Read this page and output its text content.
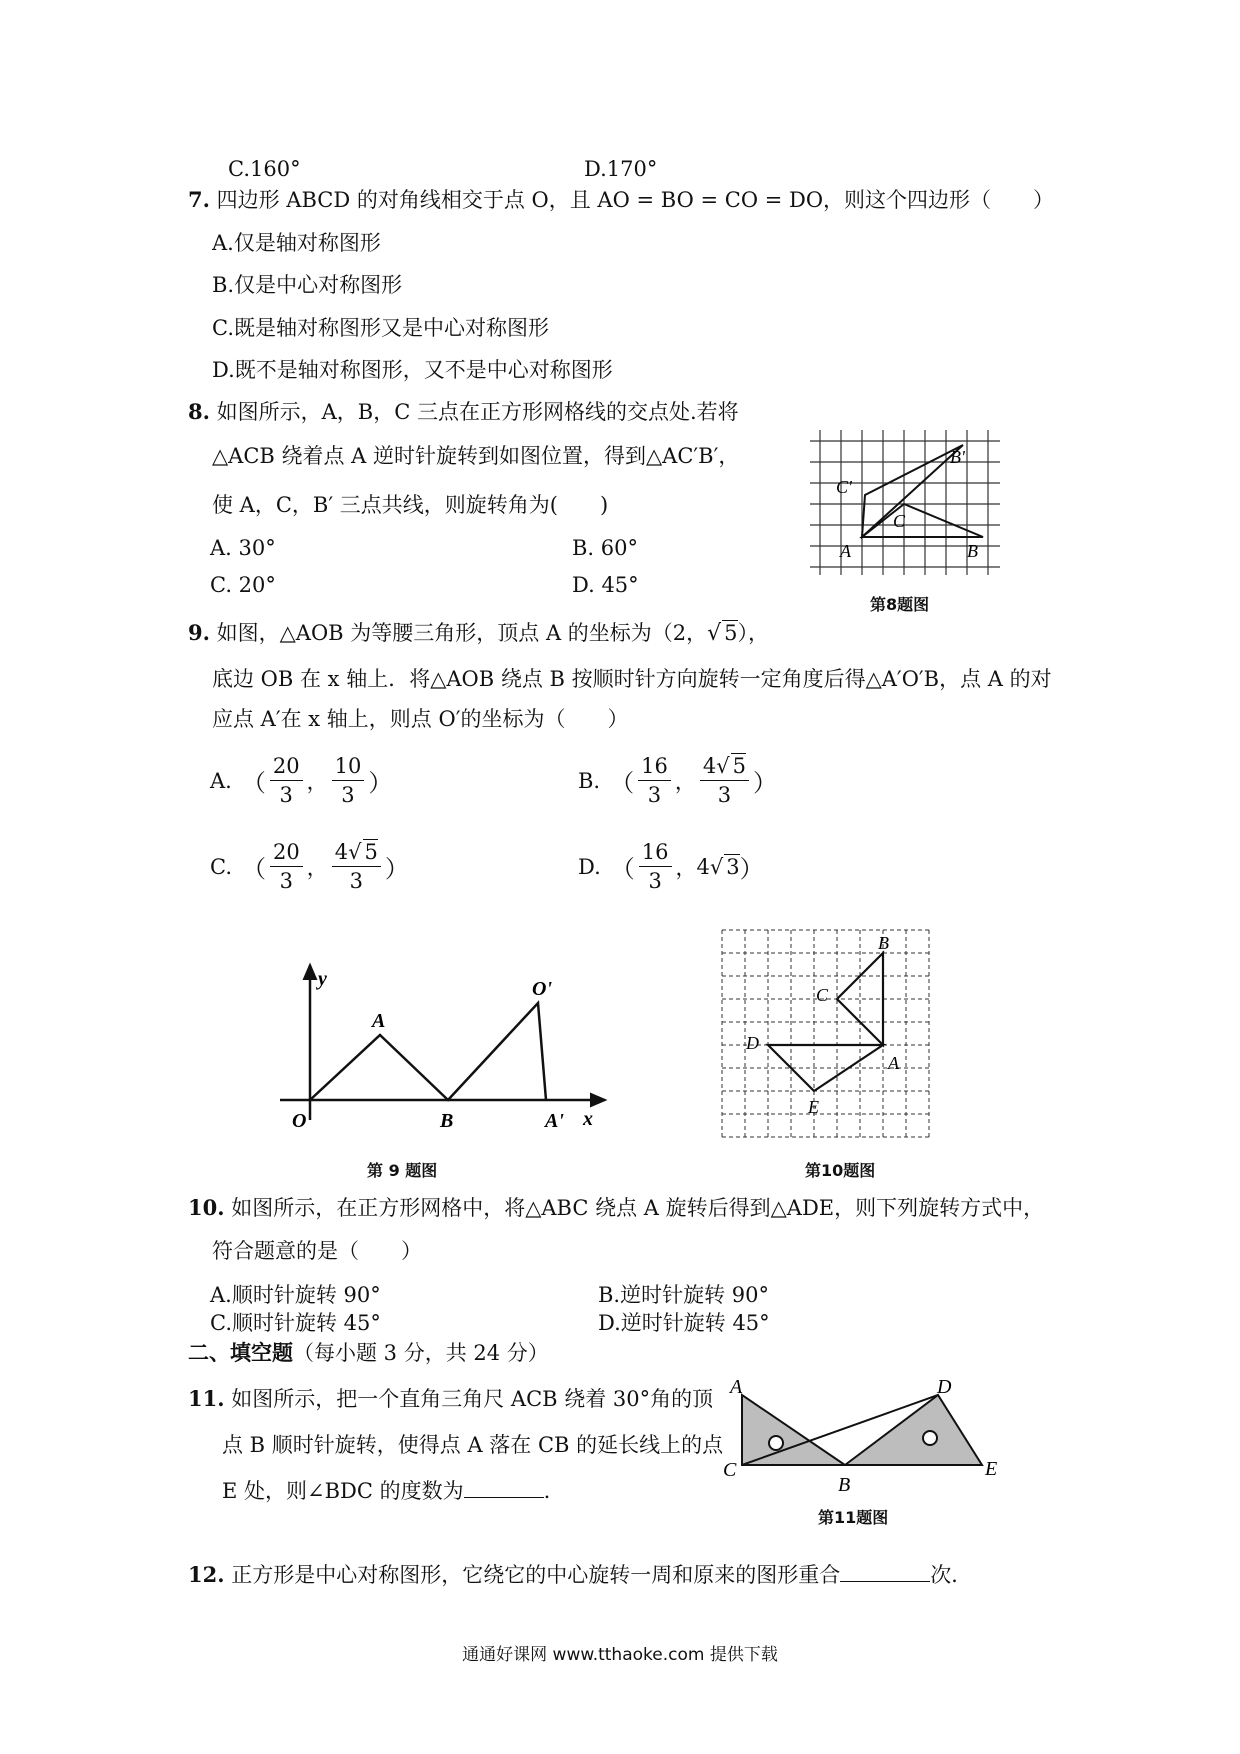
C.160°	D.170°
7. 四边形 ABCD 的对角线相交于点 O，且 AO = BO = CO = DO，则这个四边形（　　）
A.仅是轴对称图形
B.仅是中心对称图形
C.既是轴对称图形又是中心对称图形
D.既不是轴对称图形，又不是中心对称图形
8. 如图所示，A，B，C 三点在正方形网格线的交点处.若将
△ACB 绕着点 A 逆时针旋转到如图位置，得到△AC′B′，
使 A，C，B′ 三点共线，则旋转角为(　　)
A. 30°	B. 60°
C. 20°	D. 45°
A	B
C
C'
B'
第8题图
9. 如图，△AOB 为等腰三角形，顶点 A 的坐标为（2，√ 5），
底边 OB 在 x 轴上．将△AOB 绕点 B 按顺时针方向旋转一定角度后得△A′O′B，点 A 的对
应点 A′在 x 轴上，则点 O′的坐标为（　　）
A. （ $\frac{20}{3}$ ， $\frac{10}{3}$ ）	B. （ $\frac{16}{3}$ ， $\frac{4√ 5}{3}$ ）
C. （ $\frac{20}{3}$ ， $\frac{4√ 5}{3}$ ）	D. （ $\frac{16}{3}$ ， 4√ 3 ）
y
x
O
A
B
O'
A'
第 9 题图
B
C
D
A
E
第10题图
10. 如图所示，在正方形网格中，将△ABC 绕点 A 旋转后得到△ADE，则下列旋转方式中，
符合题意的是（　　）
A.顺时针旋转 90°	B.逆时针旋转 90°
C.顺时针旋转 45°	D.逆时针旋转 45°
二、填空题（每小题 3 分，共 24 分）
11. 如图所示，把一个直角三角尺 ACB 绕着 30°角的顶
点 B 顺时针旋转，使得点 A 落在 CB 的延长线上的点
E 处，则∠BDC 的度数为	.
A
C
B
D
E
第11题图
12. 正方形是中心对称图形，它绕它的中心旋转一周和原来的图形重合	次．
通通好课网 www.tthaoke.com 提供下载
